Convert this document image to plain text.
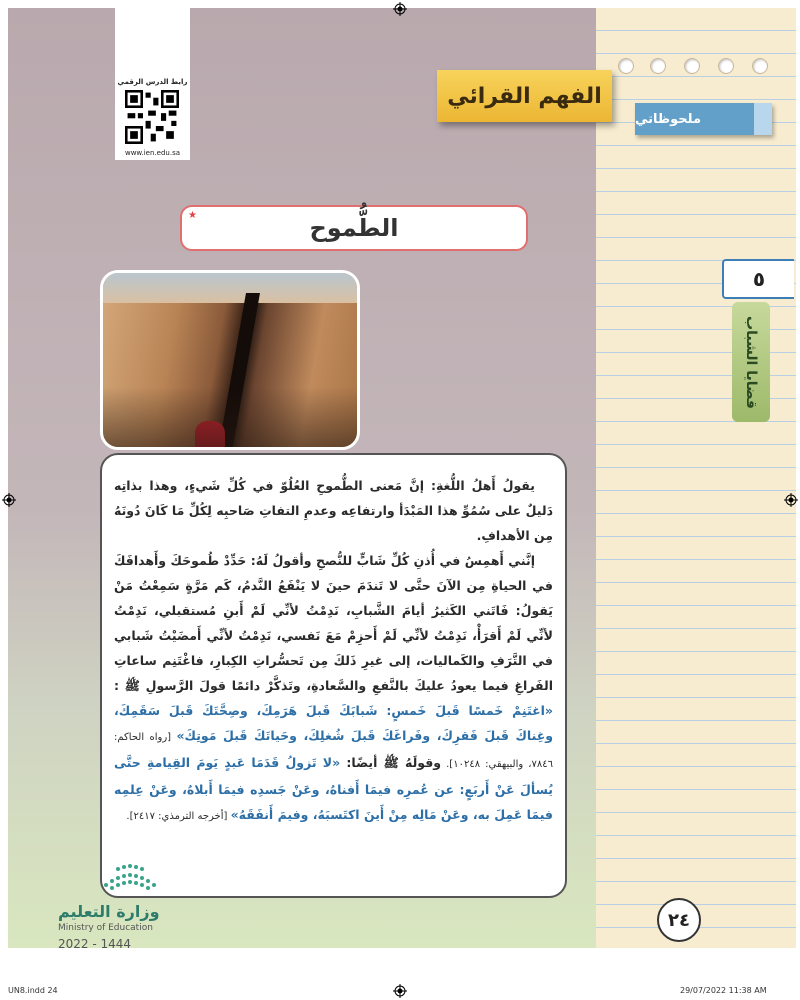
رابط الدرس الرقمي
www.ien.edu.sa
الفهم القرائي
ملحوظاتي
٥
قضايا الشباب
الطُّموح
★

يقولُ أَهلُ اللُّغةِ: إنَّ مَعنى الطُّموحِ العُلُوّ في كُلِّ شَيءٍ، وهذا بذاتِه دَليلٌ على سُمُوِّ هذا المَبْدَأ وارتفاعِه وعدمِ التفاتِ صَاحبِه لِكُلِّ مَا كَانَ دُونَهُ مِن الأهدافِ.

إنَّني أَهمِسُ في أُذنِ كُلِّ شَابٍّ للنُّصحِ وأقولُ لَهُ: حَدِّدْ طُموحَكَ وأَهدافَكَ في الحياةِ مِن الآنَ حتَّى لا تَندَمَ حينَ لا يَنْفَعُ النَّدمُ، كَم مَرَّةٍ سَمِعْتُ مَنْ يَقولُ: فَاتَني الكَثيرُ أيامَ الشَّبابِ، نَدِمْتُ لأنِّي لَمْ أَبنِ مُستقبلي، نَدِمْتُ لأنِّي لَمْ أَقرَأْ، نَدِمْتُ لأنِّي لَمْ أَحزِمْ مَعَ نَفسي، نَدِمْتُ لأنِّي أَمضَيْتُ شَبابي في التَّرَفِ والكَماليات، إلى غيرِ ذَلكَ مِن تَحسُّراتِ الكِبارِ، فاغْتَنِم ساعاتِ الفَراغِ فيما يعودُ عليكَ بالنَّفعِ والسَّعادةِ، وتَذكَّرْ دائمًا قولَ الرَّسولِ ﷺ : «اغتَنِمْ خَمسًا قَبلَ خَمسٍ: شَبابَكَ قَبلَ هَرَمِكَ، وصِحَّتَكَ قَبلَ سَقَمِكَ، وغِناكَ قَبلَ فَقرِكَ، وفَراغَكَ قَبلَ شُغلِكَ، وحَياتَكَ قَبلَ مَوتِكَ» [رواه الحاكم: ٧٨٤٦، والبيهقي: ١٠٢٤٨]. وقولَهُ ﷺ أيضًا: «لا تَزولُ قَدَمَا عَبدٍ يَومَ القِيامةِ حتَّى يُسألَ عَنْ أَربَعٍ: عن عُمرِه فيمَا أَفناهُ، وعَنْ جَسدِه فيمَا أَبلاهُ، وعَنْ عِلمِه فيمَا عَمِلَ به، وعَنْ مَالِه مِنْ أَينَ اكتَسبَهُ، وفيمَ أَنفَقَهُ» [أخرجه الترمذي: ٢٤١٧].

وزارة التعليم
Ministry of Education
2022 - 1444
٢٤
UN8.indd 24	29/07/2022 11:38 AM
